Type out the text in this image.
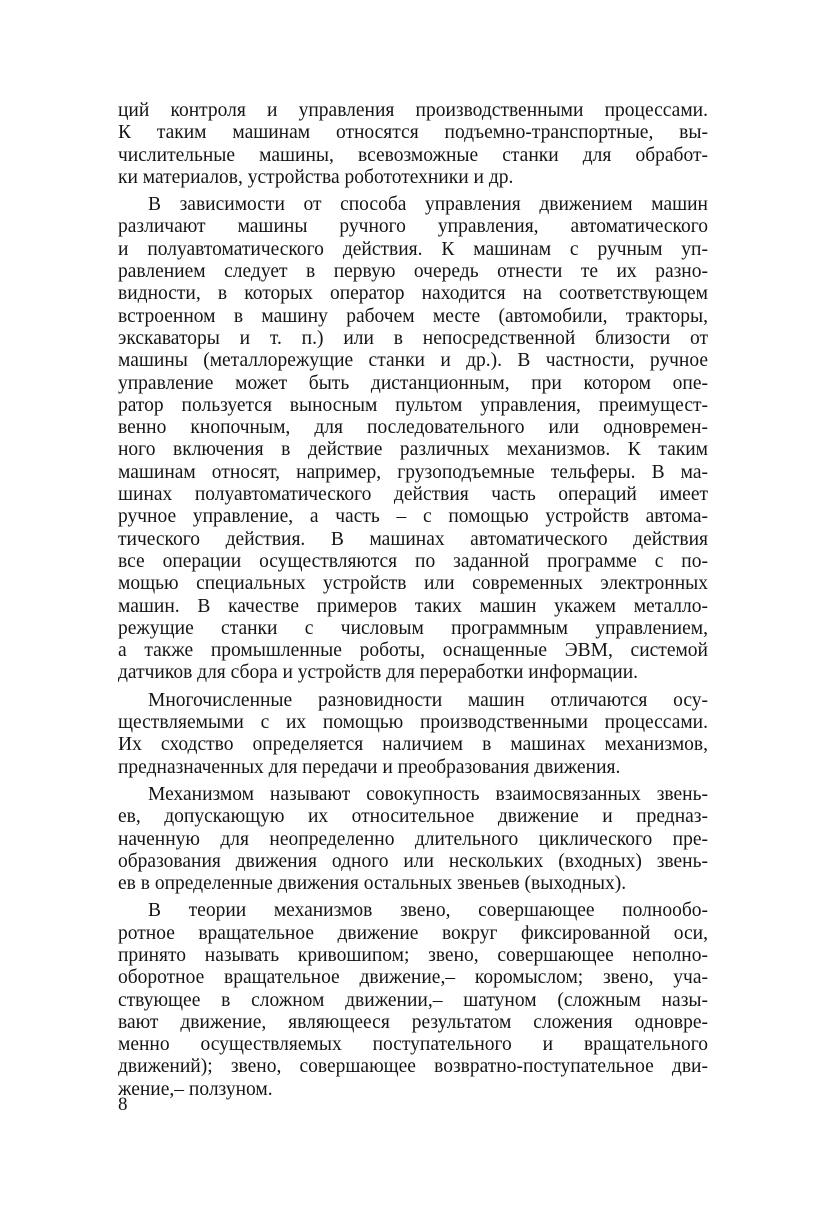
ций контроля и управления производственными процессами.
К таким машинам относятся подъемно-транспортные, вы-
числительные машины, всевозможные станки для обработ-
ки материалов, устройства робототехники и др.
В зависимости от способа управления движением машин
различают машины ручного управления, автоматического
и полуавтоматического действия. К машинам с ручным уп-
равлением следует в первую очередь отнести те их разно-
видности, в которых оператор находится на соответствующем
встроенном в машину рабочем месте (автомобили, тракторы,
экскаваторы и т. п.) или в непосредственной близости от
машины (металлорежущие станки и др.). В частности, ручное
управление может быть дистанционным, при котором опе-
ратор пользуется выносным пультом управления, преимущест-
венно кнопочным, для последовательного или одновремен-
ного включения в действие различных механизмов. К таким
машинам относят, например, грузоподъемные тельферы. В ма-
шинах полуавтоматического действия часть операций имеет
ручное управление, а часть – с помощью устройств автома-
тического действия. В машинах автоматического действия
все операции осуществляются по заданной программе с по-
мощью специальных устройств или современных электронных
машин. В качестве примеров таких машин укажем металло-
режущие станки с числовым программным управлением,
а также промышленные роботы, оснащенные ЭВМ, системой
датчиков для сбора и устройств для переработки информации.
Многочисленные разновидности машин отличаются осу-
ществляемыми с их помощью производственными процессами.
Их сходство определяется наличием в машинах механизмов,
предназначенных для передачи и преобразования движения.
Механизмом называют совокупность взаимосвязанных звень-
ев, допускающую их относительное движение и предназ-
наченную для неопределенно длительного циклического пре-
образования движения одного или нескольких (входных) звень-
ев в определенные движения остальных звеньев (выходных).
В теории механизмов звено, совершающее полнообо-
ротное вращательное движение вокруг фиксированной оси,
принято называть кривошипом; звено, совершающее неполно-
оборотное вращательное движение,– коромыслом; звено, уча-
ствующее в сложном движении,– шатуном (сложным назы-
вают движение, являющееся результатом сложения одновре-
менно осуществляемых поступательного и вращательного
движений); звено, совершающее возвратно-поступательное дви-
жение,– ползуном.
8
